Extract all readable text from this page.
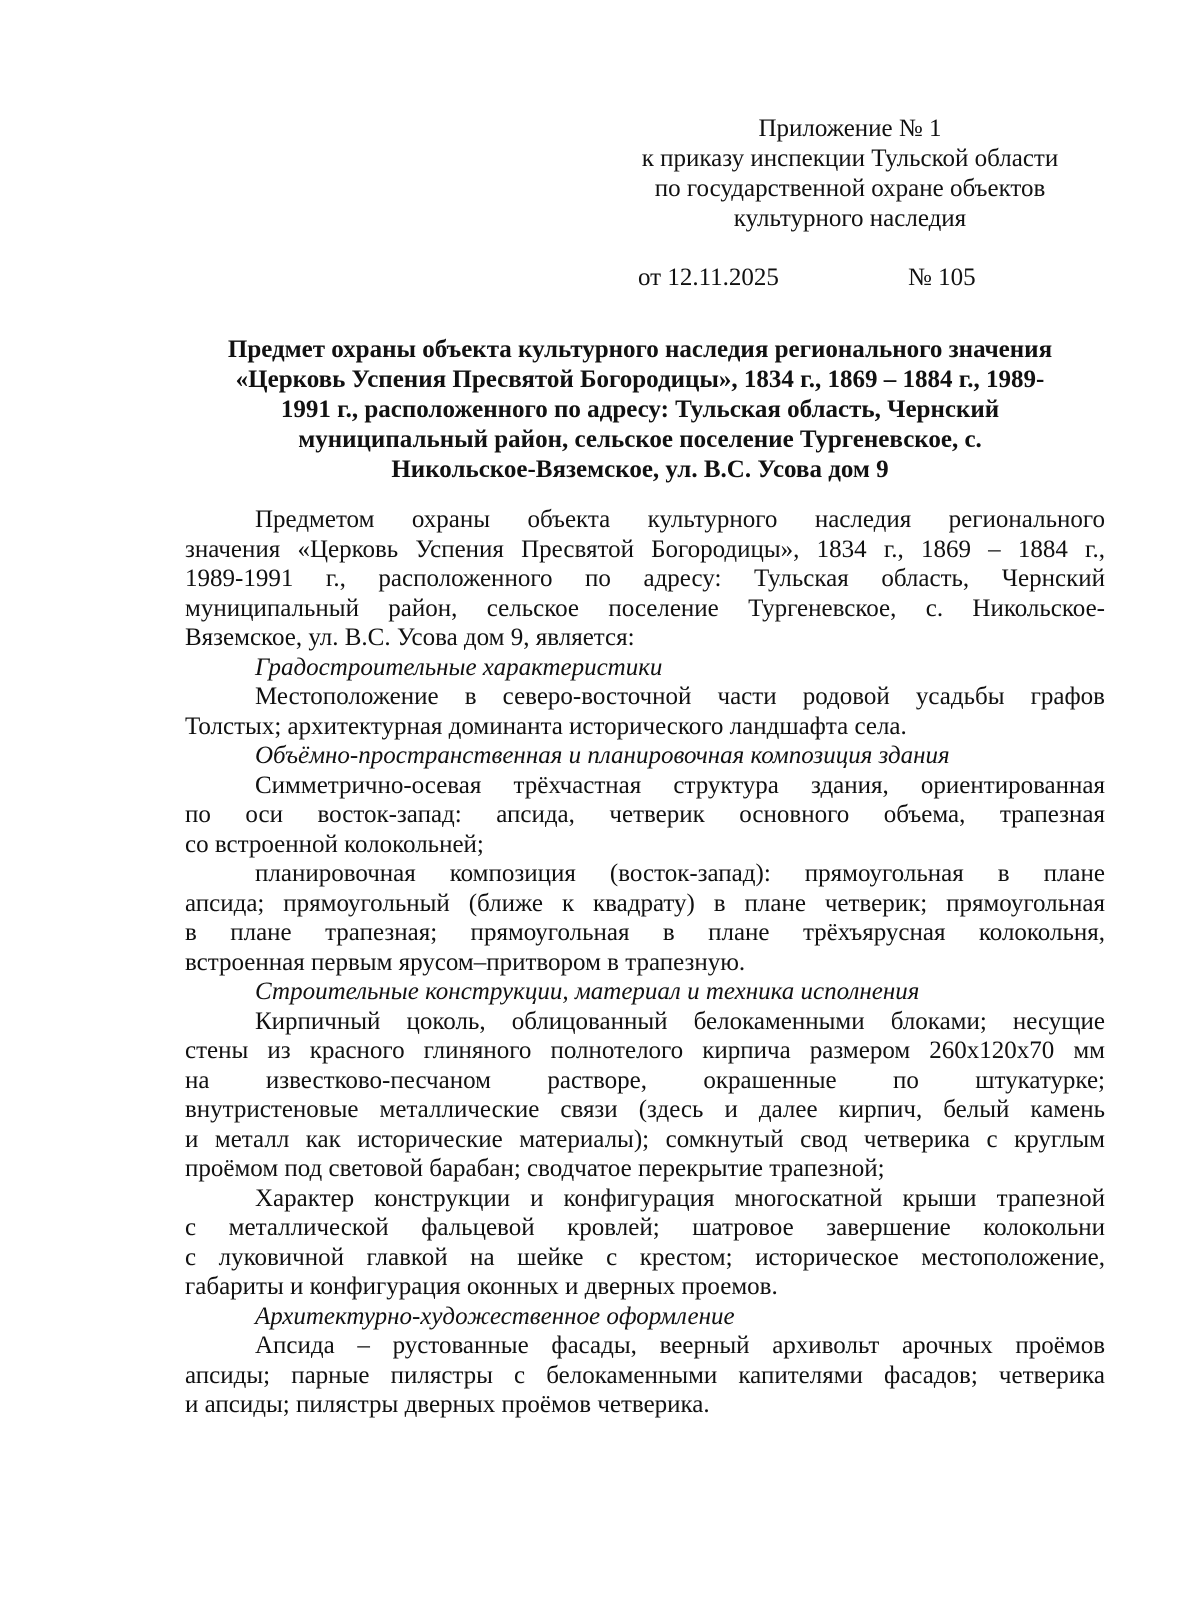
Приложение № 1
к приказу инспекции Тульской области
по государственной охране объектов
культурного наследия
от 12.11.2025	№ 105
Предмет охраны объекта культурного наследия регионального значения
«Церковь Успения Пресвятой Богородицы», 1834 г., 1869 – 1884 г., 1989-
1991 г., расположенного по адресу: Тульская область, Чернский
муниципальный район, сельское поселение Тургеневское, с.
Никольское-Вяземское, ул. В.С. Усова дом 9
Предметом охраны объекта культурного наследия регионального
значения «Церковь Успения Пресвятой Богородицы», 1834 г., 1869 – 1884 г.,
1989-1991 г., расположенного по адресу: Тульская область, Чернский
муниципальный район, сельское поселение Тургеневское, с. Никольское-
Вяземское, ул. В.С. Усова дом 9, является:
Градостроительные характеристики
Местоположение в северо-восточной части родовой усадьбы графов
Толстых; архитектурная доминанта исторического ландшафта села.
Объёмно-пространственная и планировочная композиция здания
Симметрично-осевая трёхчастная структура здания, ориентированная
по оси восток-запад: апсида, четверик основного объема, трапезная
со встроенной колокольней;
планировочная композиция (восток-запад): прямоугольная в плане
апсида; прямоугольный (ближе к квадрату) в плане четверик; прямоугольная
в плане трапезная; прямоугольная в плане трёхъярусная колокольня,
встроенная первым ярусом–притвором в трапезную.
Строительные конструкции, материал и техника исполнения
Кирпичный цоколь, облицованный белокаменными блоками; несущие
стены из красного глиняного полнотелого кирпича размером 260х120х70 мм
на известково-песчаном растворе, окрашенные по штукатурке;
внутристеновые металлические связи (здесь и далее кирпич, белый камень
и металл как исторические материалы); сомкнутый свод четверика с круглым
проёмом под световой барабан; сводчатое перекрытие трапезной;
Характер конструкции и конфигурация многоскатной крыши трапезной
с металлической фальцевой кровлей; шатровое завершение колокольни
с луковичной главкой на шейке с крестом; историческое местоположение,
габариты и конфигурация оконных и дверных проемов.
Архитектурно-художественное оформление
Апсида – рустованные фасады, веерный архивольт арочных проёмов
апсиды; парные пилястры с белокаменными капителями фасадов; четверика
и апсиды; пилястры дверных проёмов четверика.
